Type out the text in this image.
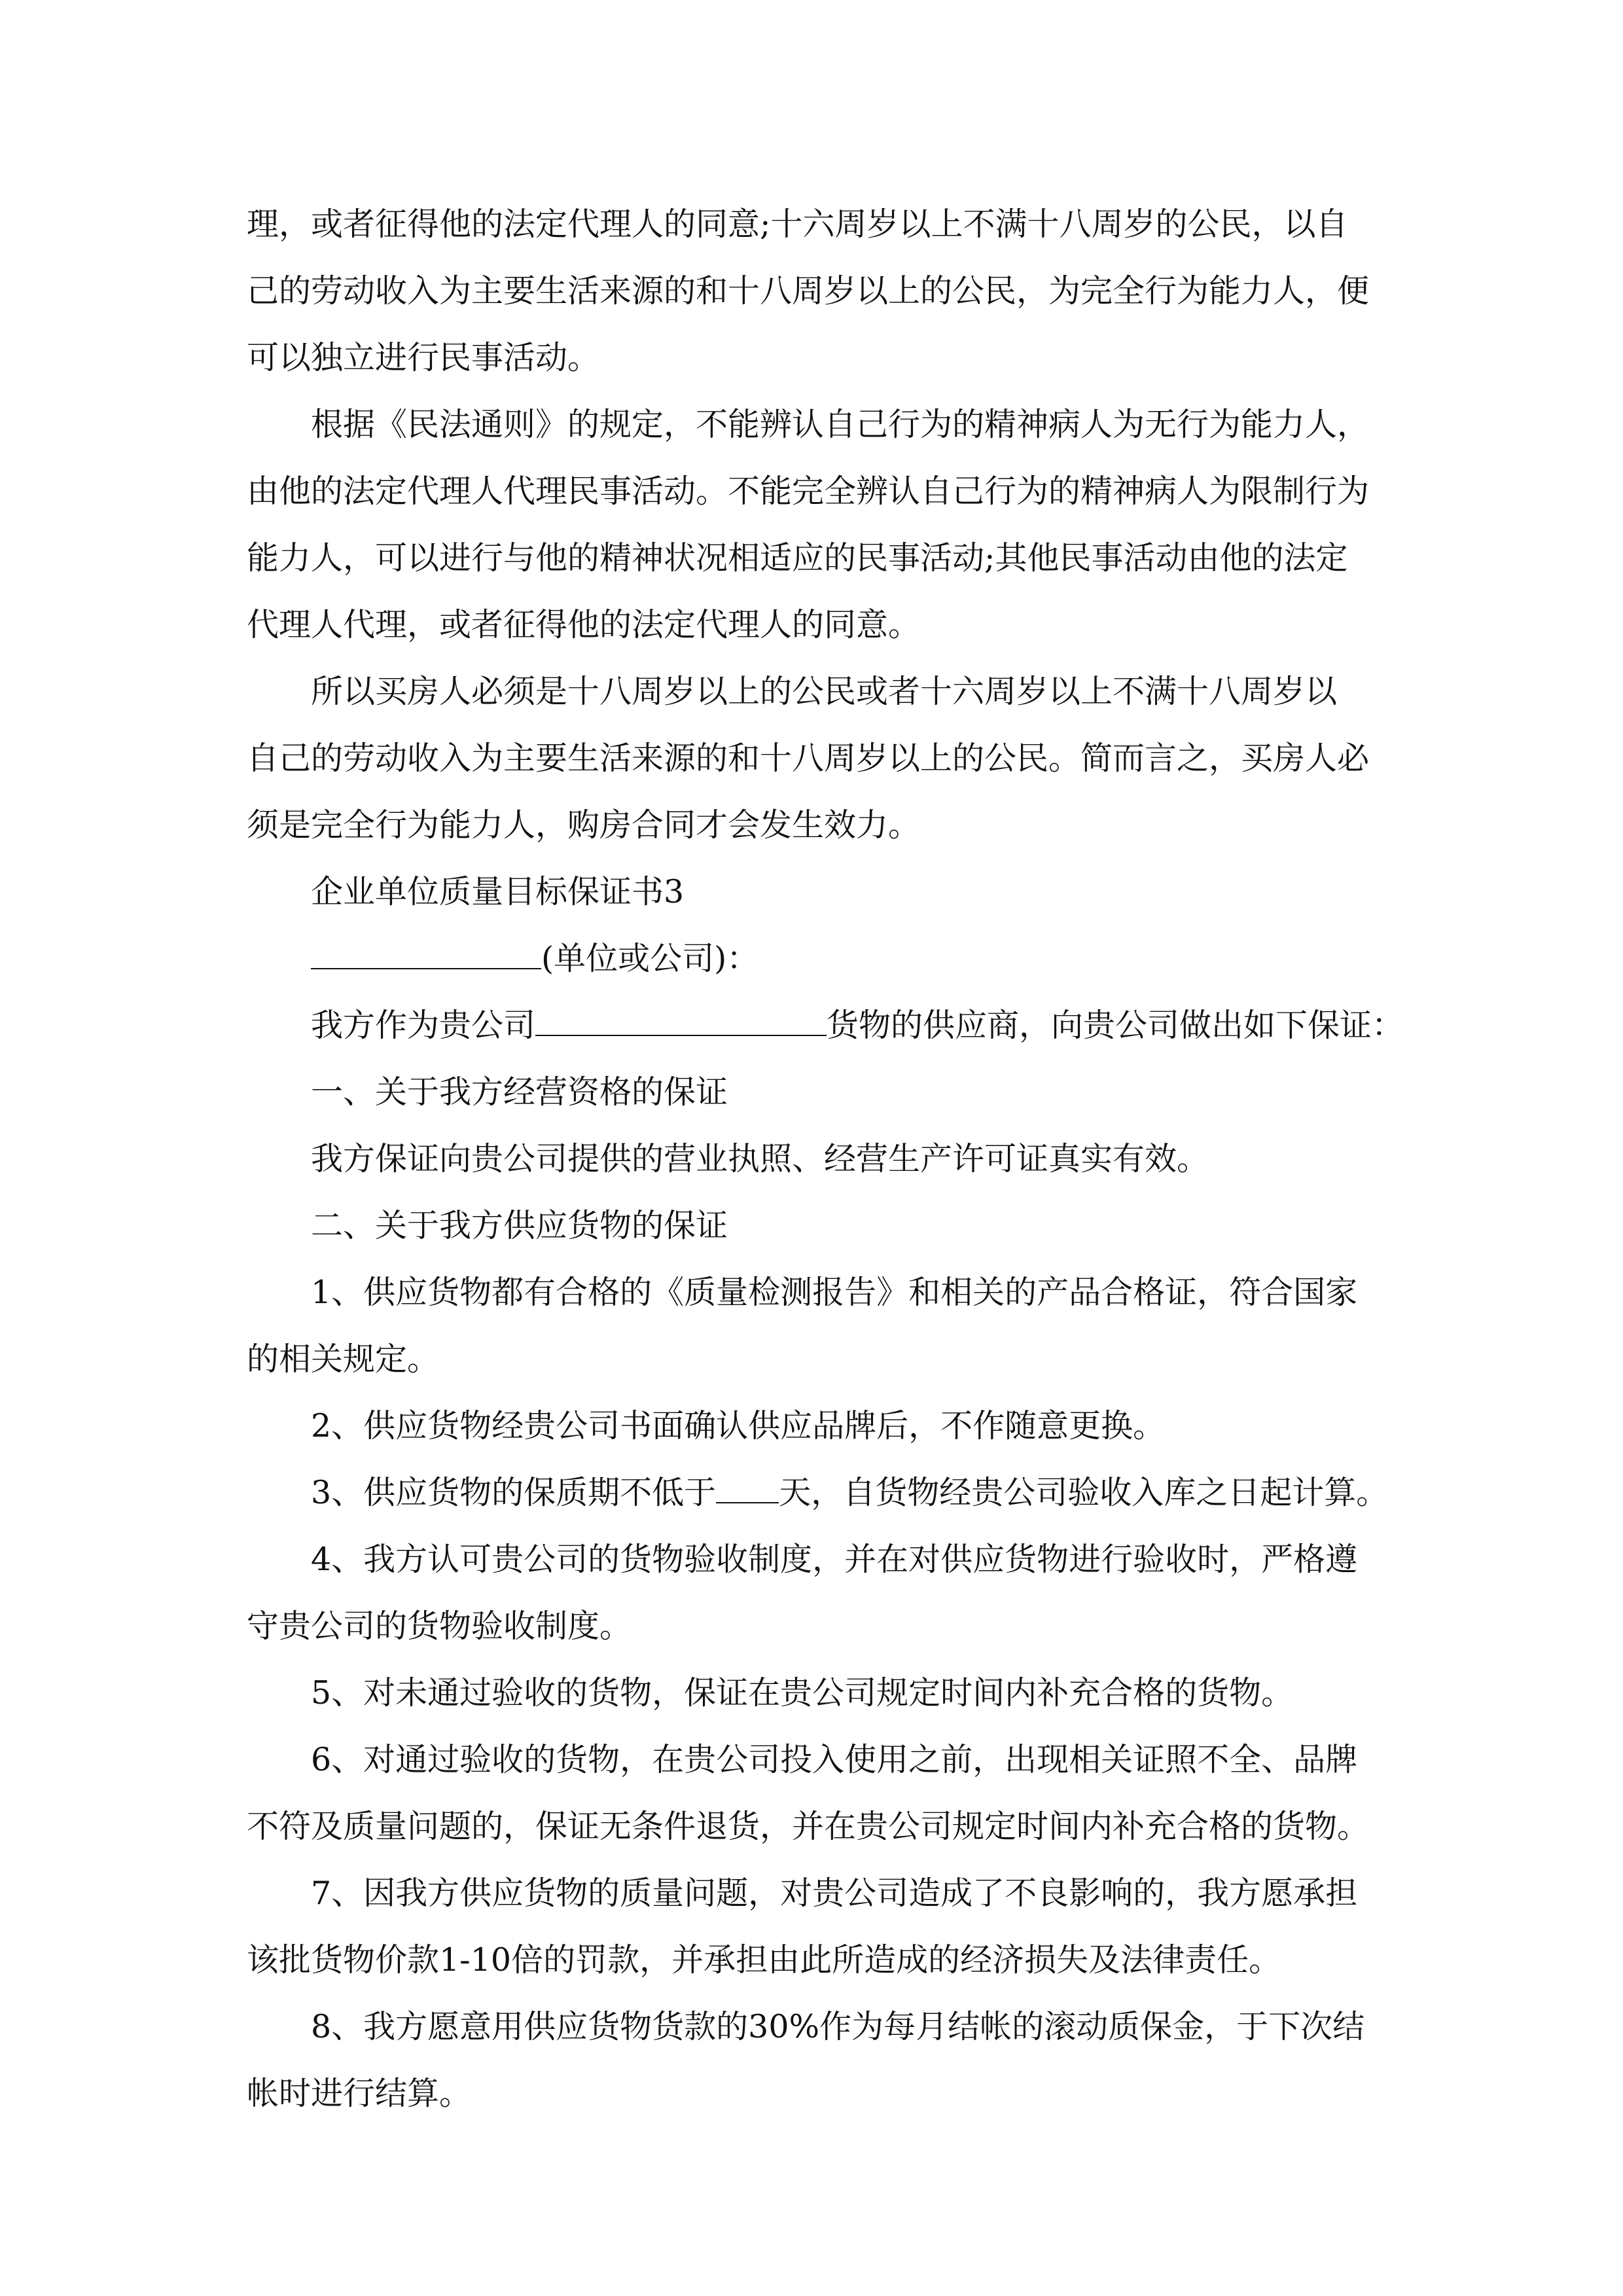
理，或者征得他的法定代理人的同意;十六周岁以上不满十八周岁的公民，以自
己的劳动收入为主要生活来源的和十八周岁以上的公民，为完全行为能力人，便
可以独立进行民事活动。
根据《民法通则》的规定，不能辨认自己行为的精神病人为无行为能力人，
由他的法定代理人代理民事活动。不能完全辨认自己行为的精神病人为限制行为
能力人，可以进行与他的精神状况相适应的民事活动;其他民事活动由他的法定
代理人代理，或者征得他的法定代理人的同意。
所以买房人必须是十八周岁以上的公民或者十六周岁以上不满十八周岁以
自己的劳动收入为主要生活来源的和十八周岁以上的公民。简而言之，买房人必
须是完全行为能力人，购房合同才会发生效力。
企业单位质量目标保证书3
(单位或公司)：
我方作为贵公司	货物的供应商，向贵公司做出如下保证：
一、关于我方经营资格的保证
我方保证向贵公司提供的营业执照、经营生产许可证真实有效。
二、关于我方供应货物的保证
1、供应货物都有合格的《质量检测报告》和相关的产品合格证，符合国家
的相关规定。
2、供应货物经贵公司书面确认供应品牌后，不作随意更换。
3、供应货物的保质期不低于 天，自货物经贵公司验收入库之日起计算。
4、我方认可贵公司的货物验收制度，并在对供应货物进行验收时，严格遵
守贵公司的货物验收制度。
5、对未通过验收的货物，保证在贵公司规定时间内补充合格的货物。
6、对通过验收的货物，在贵公司投入使用之前，出现相关证照不全、品牌
不符及质量问题的，保证无条件退货，并在贵公司规定时间内补充合格的货物。
7、因我方供应货物的质量问题，对贵公司造成了不良影响的，我方愿承担
该批货物价款1-10倍的罚款，并承担由此所造成的经济损失及法律责任。
8、我方愿意用供应货物货款的30%作为每月结帐的滚动质保金，于下次结
帐时进行结算。
